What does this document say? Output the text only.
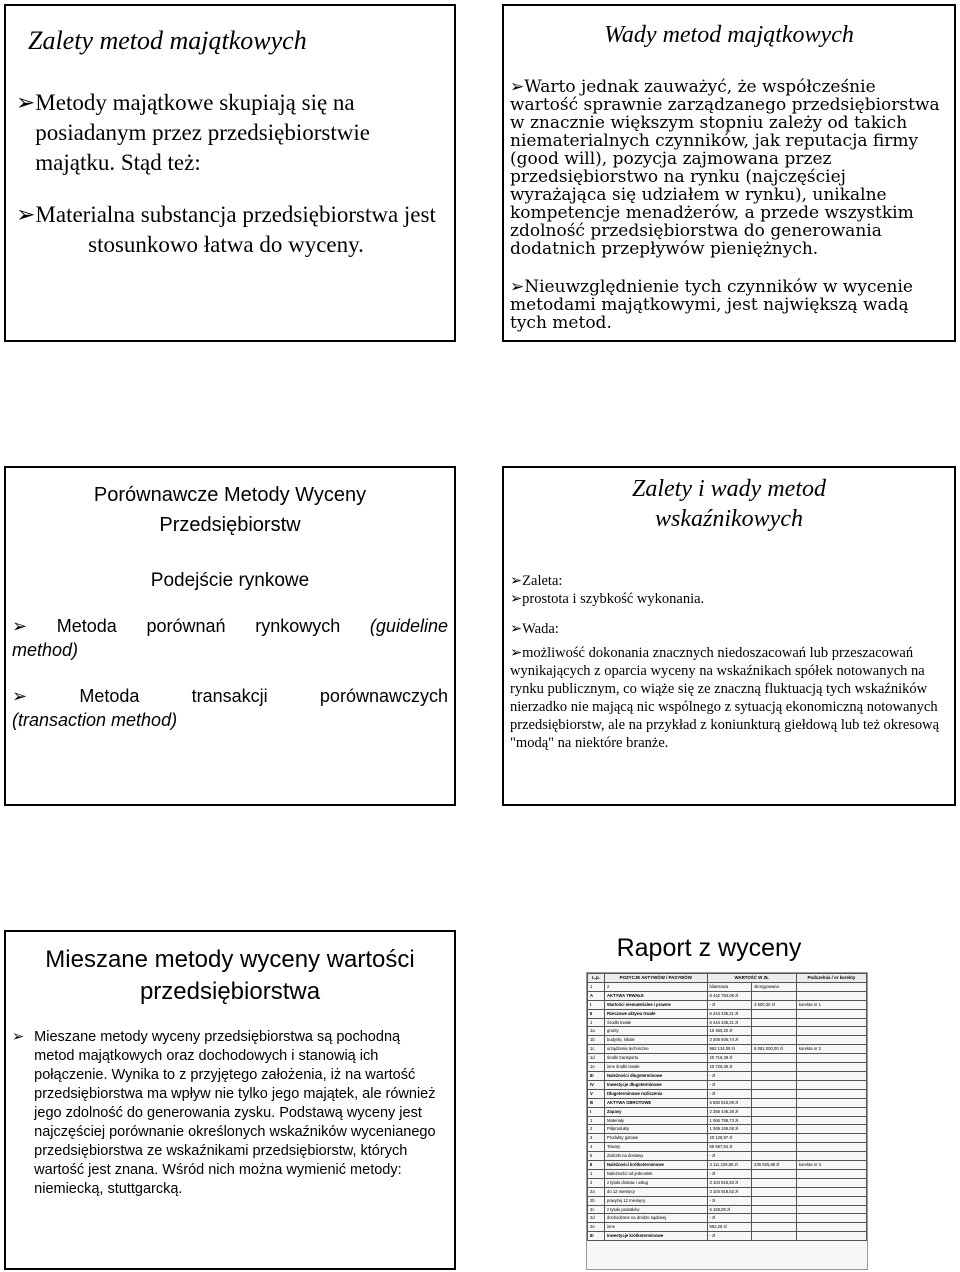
Zalety metod majątkowych
➢ Metody majątkowe skupiają się na posiadanym przez przedsiębiorstwie majątku. Stąd też:
➢Materialna substancja przedsiębiorstwa jest stosunkowo łatwa do wyceny.
Wady metod majątkowych
➢Warto jednak zauważyć, że współcześnie wartość sprawnie zarządzanego przedsiębiorstwa w znacznie większym stopniu zależy od takich niematerialnych czynników, jak reputacja firmy (good will), pozycja zajmowana przez przedsiębiorstwo na rynku (najczęściej wyrażająca się udziałem w rynku), unikalne kompetencje menadżerów, a przede wszystkim zdolność przedsiębiorstwa do generowania dodatnich przepływów pieniężnych.
➢Nieuwzględnienie tych czynników w wycenie metodami majątkowymi, jest największą wadą tych metod.
Porównawcze Metody Wyceny
Przedsiębiorstw
Podejście rynkowe
➢ Metoda porównań rynkowych (guideline
method)
➢	Metoda	transakcji	porównawczych
(transaction method)
Zalety i wady metod
wskaźnikowych
➢Zaleta:
➢prostota i szybkość wykonania.
➢Wada:
➢możliwość dokonania znacznych niedoszacowań lub przeszacowań wynikających z oparcia wyceny na wskaźnikach spółek notowanych na rynku publicznym, co wiąże się ze znaczną fluktuacją tych wskaźników nierzadko nie mającą nic wspólnego z sytuacją ekonomiczną notowanych przedsiębiorstw, ale na przykład z koniunkturą giełdową lub też okresową "modą" na niektóre branże.
Mieszane metody wyceny wartości
przedsiębiorstwa
➢ Mieszane metody wyceny przedsiębiorstwa są pochodną metod majątkowych oraz dochodowych i stanowią ich połączenie. Wynika to z przyjętego założenia, iż na wartość przedsiębiorstwa ma wpływ nie tylko jego majątek, ale również jego zdolność do generowania zysku. Podstawą wyceny jest najczęściej porównanie określonych wskaźników wycenianego przedsiębiorstwa ze wskaźnikami przedsiębiorstw, których wartość jest znana. Wśród nich można wymienić metody: niemiecką, stuttgarcką.
Raport z wyceny
L.p.	POZYCJE AKTYWÓW / PASYWÓW	WARTOŚĆ W ZŁ		Podczelnia / or korekty
1	2	bilansowa	skorygowana	
A	AKTYWA TRWAŁE	6 442 783,08 zł		
I	Wartości niematerialne i prawne	- zł	3 500,30 zł	korekta nr 1
II	Rzeczowe aktywa trwałe	6 444 435,21 zł		
1	Środki trwałe	6 444 435,21 zł		
1a	grunty	15 460,20 zł		
1b	budynki, lokale	3 306 606,74 zł		
1c	urządzenia techniczne	962 134,09 zł	8 081 000,00 zł	korekta nr 2
1d	środki transportu	20 716,38 zł		
1e	inne środki trwałe	20 726,38 zł		
III	Należności długoterminowe	- zł		
IV	Inwestycje długoterminowe	- zł		
V	Długoterminowe rozliczenia	- zł		
B	AKTYWA OBROTOWE	5 880 618,09 zł		
I	Zapasy	2 356 446,38 zł		
1	Materiały	1 066 759,73 zł		
2	Półprodukty	1 069 159,08 zł		
3	Produkty gotowe	20 128,87 zł		
4	Towary	68 587,54 zł		
5	Zaliczki na dostawy	- zł		
II	Należności krótkoterminowe	3 111 229,85 zł	235 926,88 zł	korekta nr 3
1	Należności od jednostek	- zł		
2	z tytułu dostaw i usług	3 104 918,83 zł		
2a	do 12 miesięcy	3 104 918,83 zł		
2b	powyżej 12 miesięcy	- zł		
2c	z tytułu podatków	5 168,08 zł		
2d	dochodzone na drodze sądowej	- zł		
2e	inne	992,26 zł		
III	Inwestycje krótkoterminowe	- zł		
